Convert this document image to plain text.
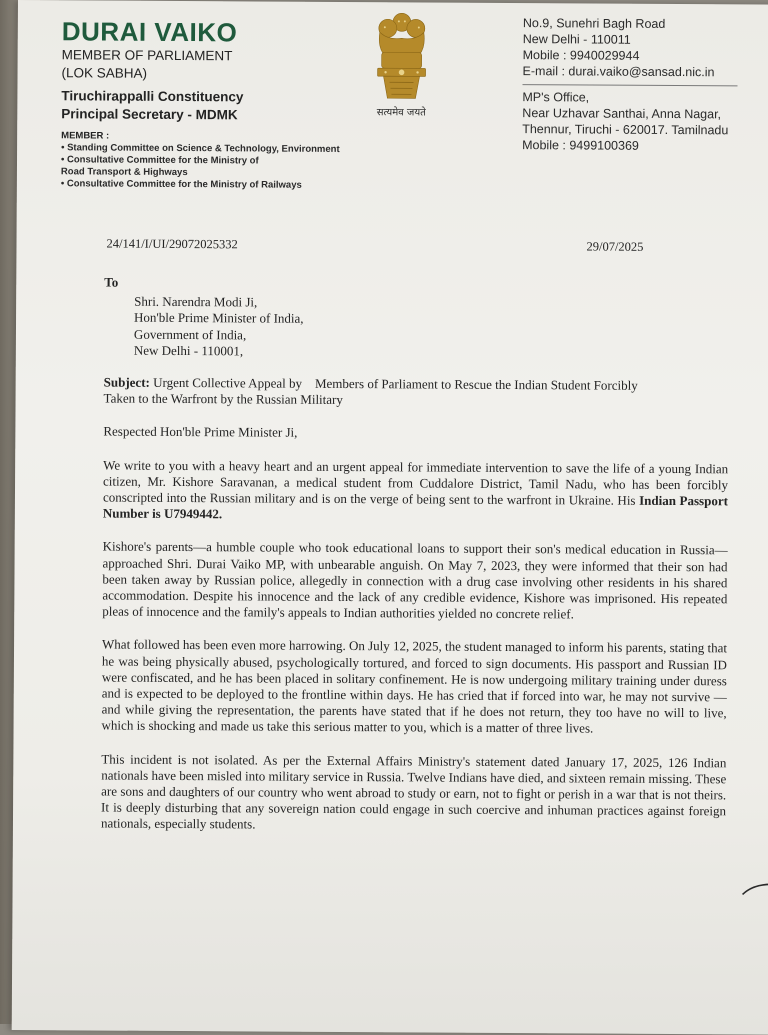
DURAI VAIKO

MEMBER OF PARLIAMENT

(LOK SABHA)

Tiruchirappalli Constituency

Principal Secretary - MDMK

MEMBER :

• Standing Committee on Science & Technology, Environment

• Consultative Committee for the Ministry of

Road Transport & Highways

• Consultative Committee for the Ministry of Railways

सत्यमेव जयते

No.9, Sunehri Bagh Road

New Delhi - 110011

Mobile : 9940029944

E-mail : durai.vaiko@sansad.nic.in

MP's Office,

Near Uzhavar Santhai, Anna Nagar,

Thennur, Tiruchi - 620017. Tamilnadu

Mobile : 9499100369

24/141/I/UI/29072025332	29/07/2025

To

Shri. Narendra Modi Ji,

Hon'ble Prime Minister of India,

Government of India,

New Delhi - 110001,

Subject: Urgent Collective Appeal by    Members of Parliament to Rescue the Indian Student Forcibly

Taken to the Warfront by the Russian Military

Respected Hon'ble Prime Minister Ji,

We write to you with a heavy heart and an urgent appeal for immediate intervention to save the life of a young Indian citizen, Mr. Kishore Saravanan, a medical student from Cuddalore District, Tamil Nadu, who has been forcibly conscripted into the Russian military and is on the verge of being sent to the warfront in Ukraine. His Indian Passport Number is U7949442.

Kishore's parents—a humble couple who took educational loans to support their son's medical education in Russia—approached Shri. Durai Vaiko MP, with unbearable anguish. On May 7, 2023, they were informed that their son had been taken away by Russian police, allegedly in connection with a drug case involving other residents in his shared accommodation. Despite his innocence and the lack of any credible evidence, Kishore was imprisoned. His repeated pleas of innocence and the family's appeals to Indian authorities yielded no concrete relief.

What followed has been even more harrowing. On July 12, 2025, the student managed to inform his parents, stating that he was being physically abused, psychologically tortured, and forced to sign documents. His passport and Russian ID were confiscated, and he has been placed in solitary confinement. He is now undergoing military training under duress and is expected to be deployed to the frontline within days. He has cried that if forced into war, he may not survive — and while giving the representation, the parents have stated that if he does not return, they too have no will to live, which is shocking and made us take this serious matter to you, which is a matter of three lives.

This incident is not isolated. As per the External Affairs Ministry's statement dated January 17, 2025, 126 Indian nationals have been misled into military service in Russia. Twelve Indians have died, and sixteen remain missing. These are sons and daughters of our country who went abroad to study or earn, not to fight or perish in a war that is not theirs. It is deeply disturbing that any sovereign nation could engage in such coercive and inhuman practices against foreign nationals, especially students.
